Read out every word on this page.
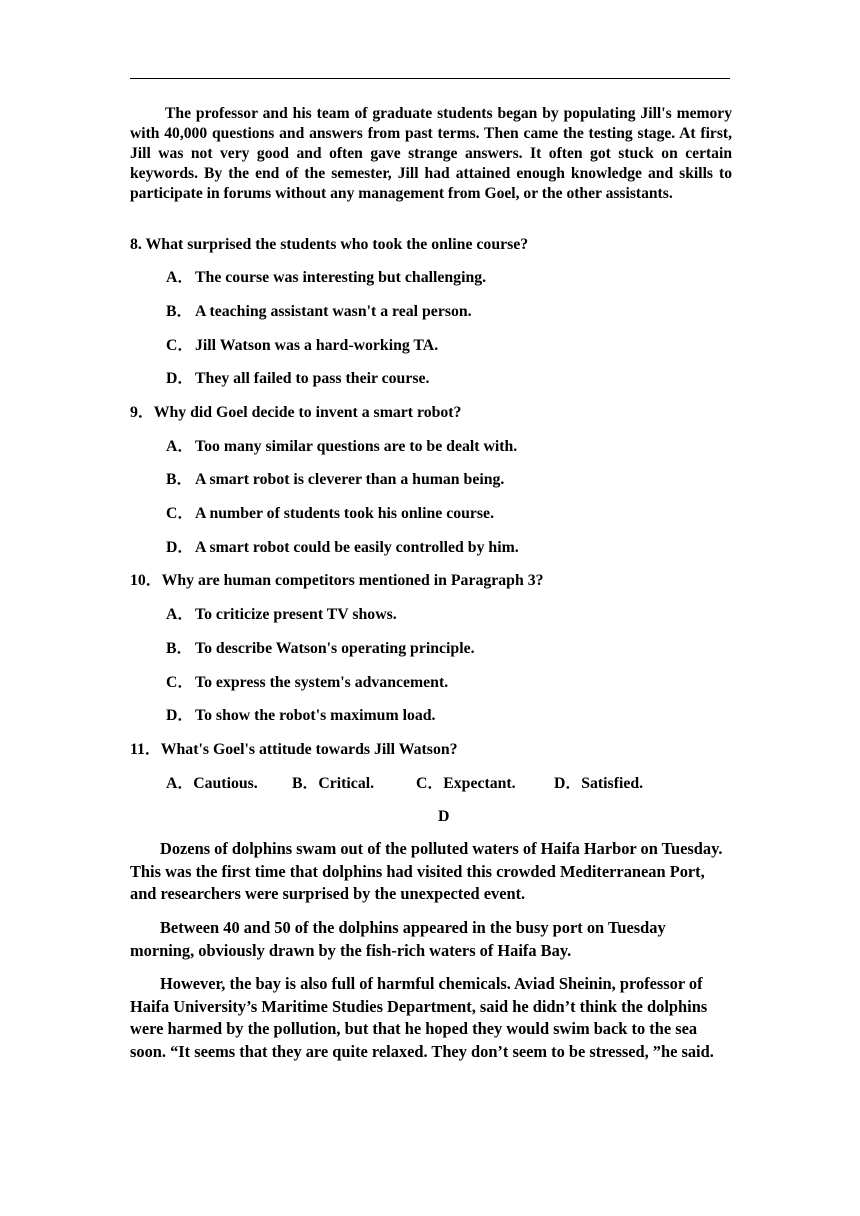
The professor and his team of graduate students began by populating Jill's memory with 40,000 questions and answers from past terms. Then came the testing stage. At first, Jill was not very good and often gave strange answers. It often got stuck on certain keywords. By the end of the semester, Jill had attained enough knowledge and skills to participate in forums without any management from Goel, or the other assistants.

8. What surprised the students who took the online course?

A． The course was interesting but challenging.

B． A teaching assistant wasn't a real person.

C． Jill Watson was a hard-working TA.

D． They all failed to pass their course.

9．Why did Goel decide to invent a smart robot?

A． Too many similar questions are to be dealt with.

B． A smart robot is cleverer than a human being.

C． A number of students took his online course.

D． A smart robot could be easily controlled by him.

10．Why are human competitors mentioned in Paragraph 3?

A． To criticize present TV shows.

B． To describe Watson's operating principle.

C． To express the system's advancement.

D． To show the robot's maximum load.

11．What's Goel's attitude towards Jill Watson?

A．Cautious. B．Critical.	C．Expectant. D．Satisfied.
D

Dozens of dolphins swam out of the polluted waters of Haifa Harbor on Tuesday. This was the first time that dolphins had visited this crowded Mediterranean Port, and researchers were surprised by the unexpected event.

Between 40 and 50 of the dolphins appeared in the busy port on Tuesday morning, obviously drawn by the fish-rich waters of Haifa Bay.

However, the bay is also full of harmful chemicals. Aviad Sheinin, professor of Haifa University’s Maritime Studies Department, said he didn’t think the dolphins were harmed by the pollution, but that he hoped they would swim back to the sea soon. “It seems that they are quite relaxed. They don’t seem to be stressed, ”he said.
